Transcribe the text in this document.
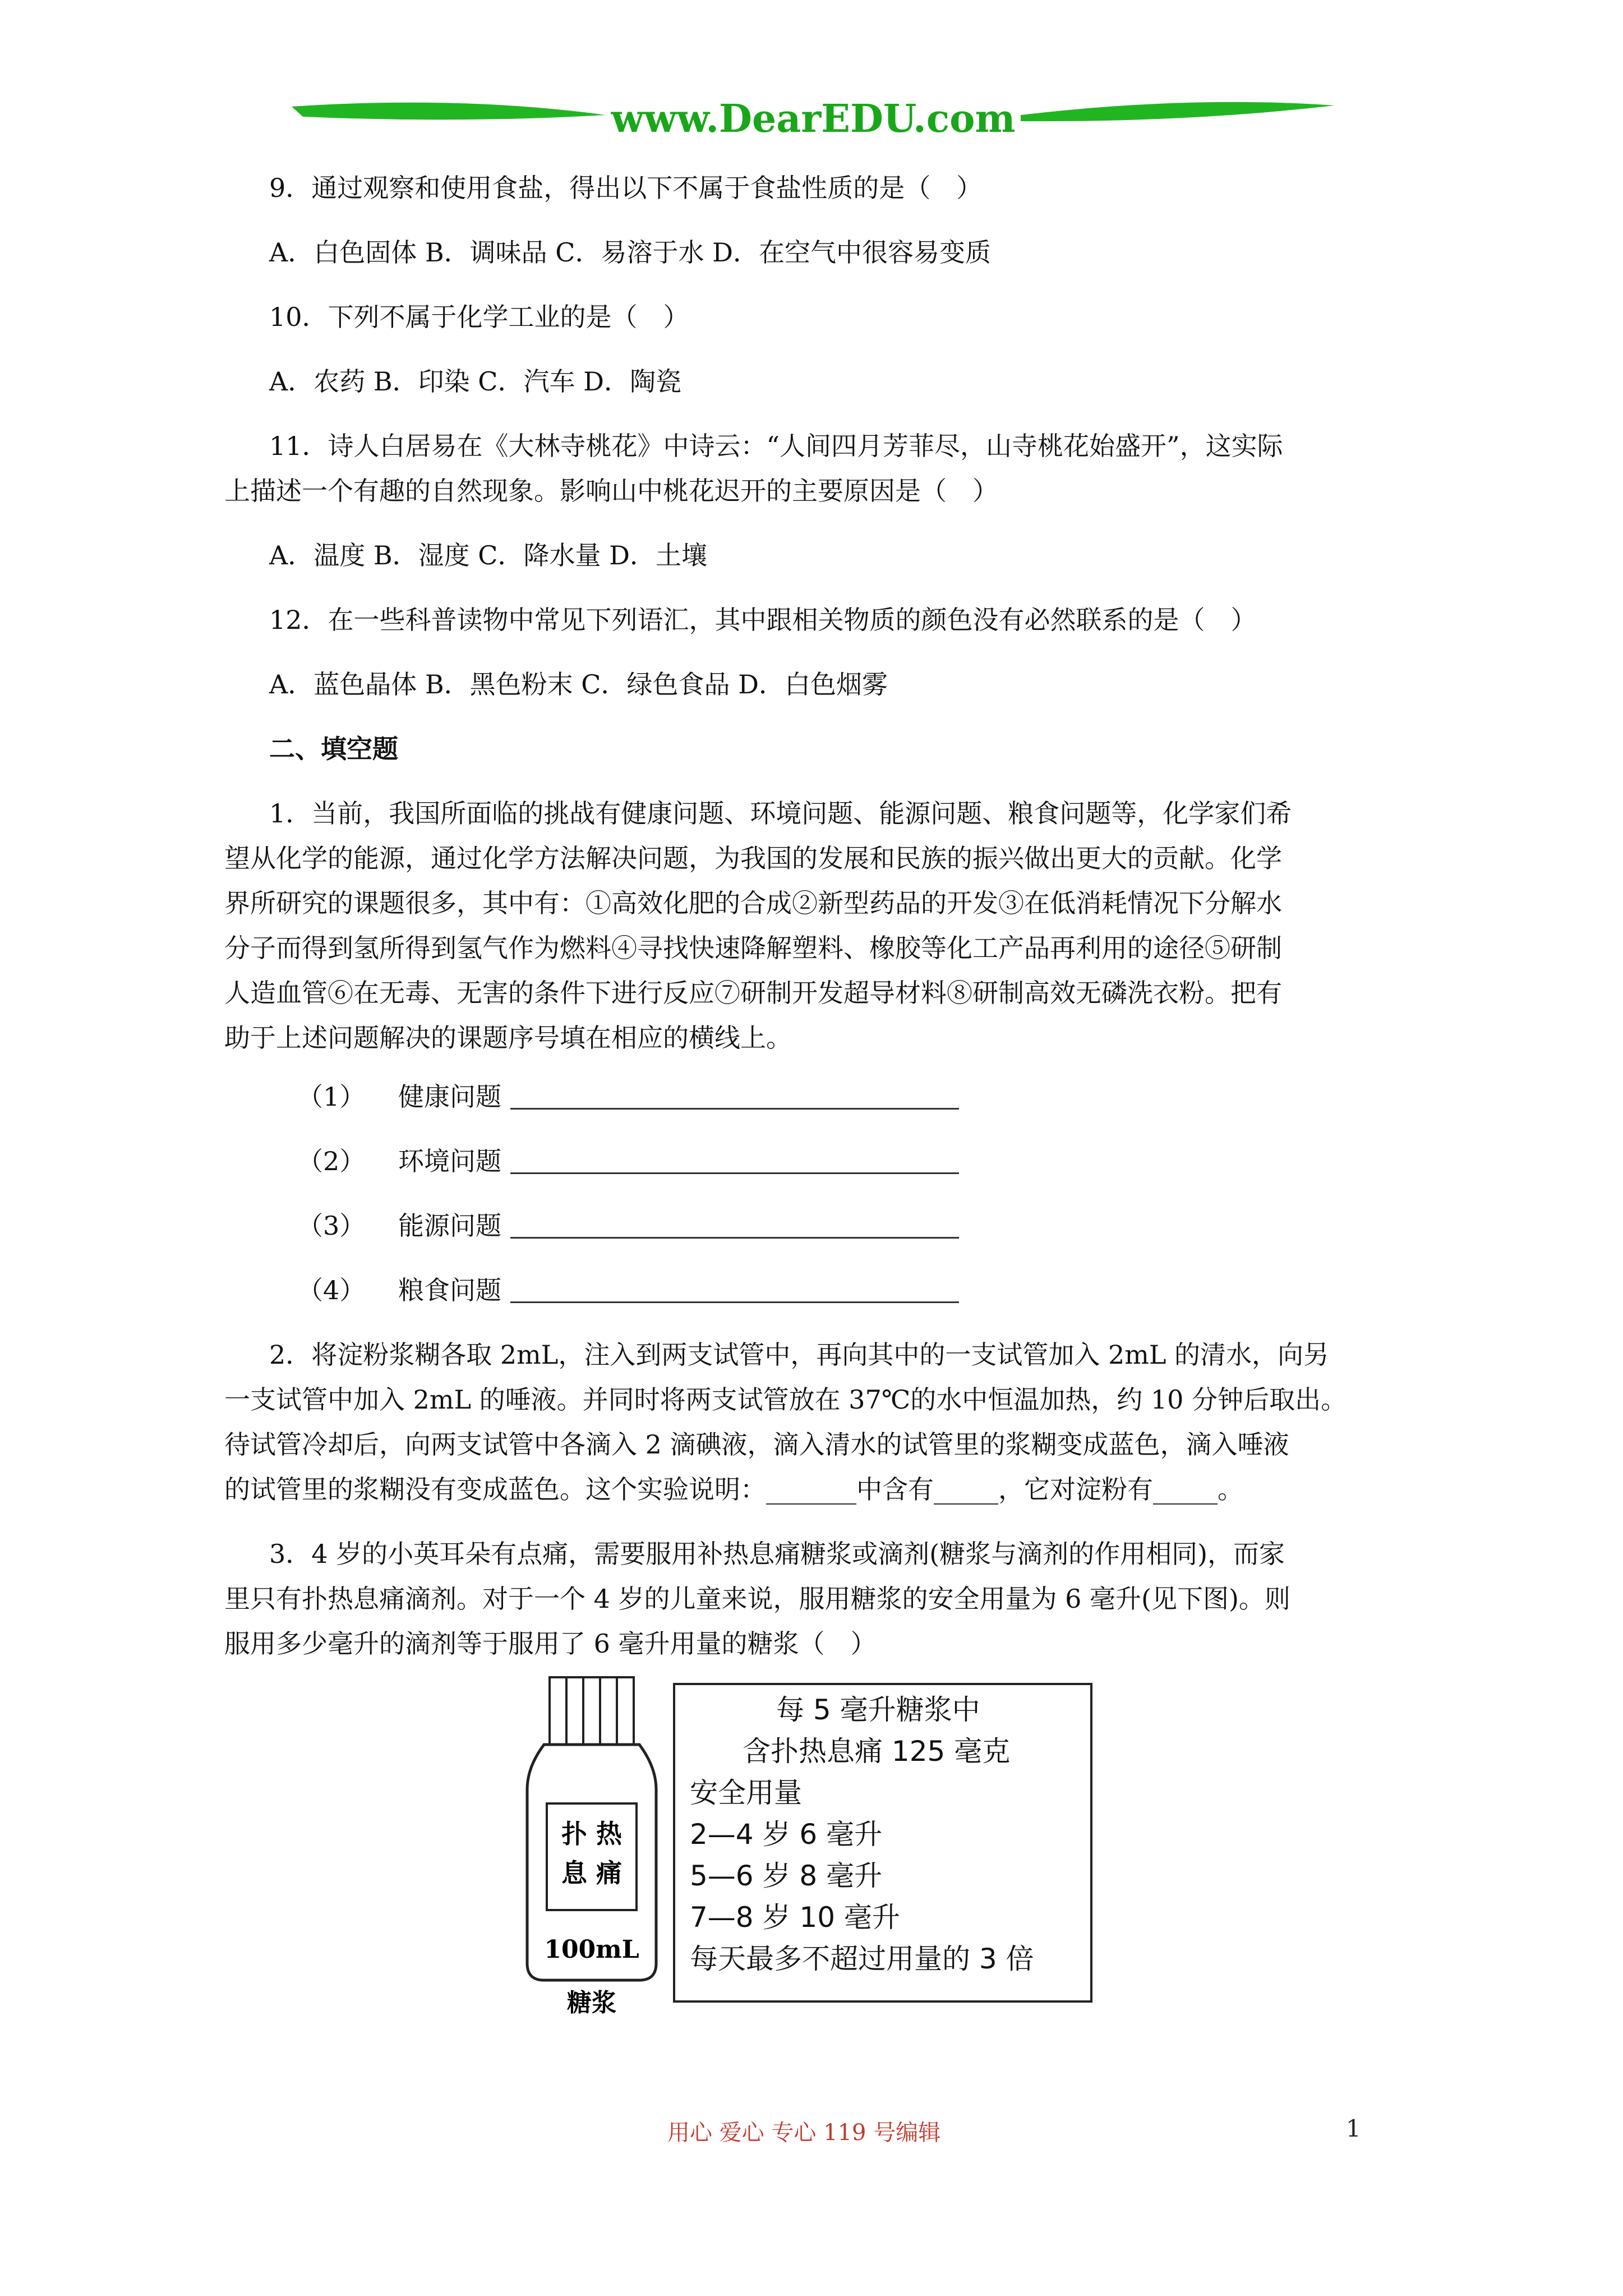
www.DearEDU.com
9．通过观察和使用食盐，得出以下不属于食盐性质的是（　）
A．白色固体 B．调味品 C．易溶于水 D．在空气中很容易变质
10．下列不属于化学工业的是（　）
A．农药 B．印染 C．汽车 D．陶瓷
11．诗人白居易在《大林寺桃花》中诗云：“人间四月芳菲尽，山寺桃花始盛开”，这实际
上描述一个有趣的自然现象。影响山中桃花迟开的主要原因是（　）
A．温度 B．湿度 C．降水量 D．土壤
12．在一些科普读物中常见下列语汇，其中跟相关物质的颜色没有必然联系的是（　）
A．蓝色晶体 B．黑色粉末 C．绿色食品 D．白色烟雾
二、填空题
1．当前，我国所面临的挑战有健康问题、环境问题、能源问题、粮食问题等，化学家们希
望从化学的能源，通过化学方法解决问题，为我国的发展和民族的振兴做出更大的贡献。化学
界所研究的课题很多，其中有：①高效化肥的合成②新型药品的开发③在低消耗情况下分解水
分子而得到氢所得到氢气作为燃料④寻找快速降解塑料、橡胶等化工产品再利用的途径⑤研制
人造血管⑥在无毒、无害的条件下进行反应⑦研制开发超导材料⑧研制高效无磷洗衣粉。把有
助于上述问题解决的课题序号填在相应的横线上。
（1） 健康问题
（2） 环境问题
（3） 能源问题
（4） 粮食问题
2．将淀粉浆糊各取 2mL，注入到两支试管中，再向其中的一支试管加入 2mL 的清水，向另
一支试管中加入 2mL 的唾液。并同时将两支试管放在 37℃的水中恒温加热，约 10 分钟后取出。
待试管冷却后，向两支试管中各滴入 2 滴碘液，滴入清水的试管里的浆糊变成蓝色，滴入唾液
的试管里的浆糊没有变成蓝色。这个实验说明：_______中含有_____，它对淀粉有_____。
3．4 岁的小英耳朵有点痛，需要服用补热息痛糖浆或滴剂(糖浆与滴剂的作用相同)，而家
里只有扑热息痛滴剂。对于一个 4 岁的儿童来说，服用糖浆的安全用量为 6 毫升(见下图)。则
服用多少毫升的滴剂等于服用了 6 毫升用量的糖浆（　）
扑 热
息 痛
100mL
糖浆
每 5 毫升糖浆中
含扑热息痛 125 毫克
安全用量
2—4 岁 6 毫升
5—6 岁 8 毫升
7—8 岁 10 毫升
每天最多不超过用量的 3 倍
用心 爱心 专心 119 号编辑	1
